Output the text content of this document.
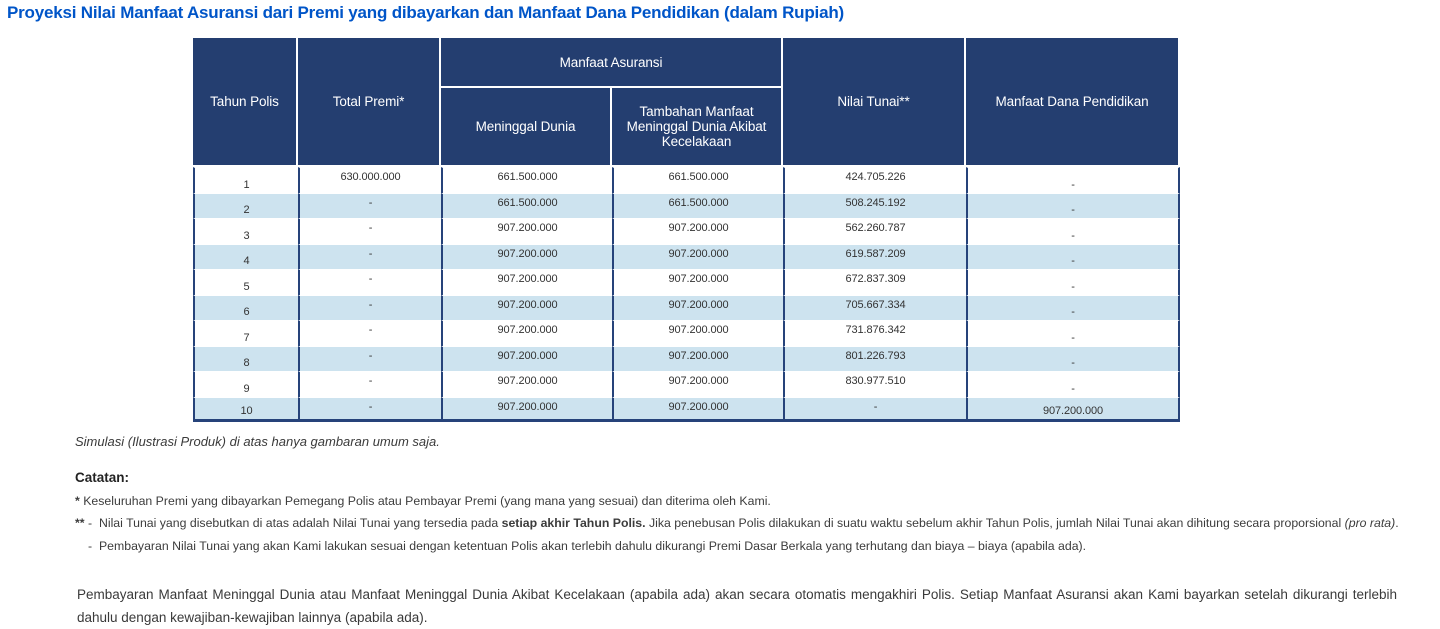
Proyeksi Nilai Manfaat Asuransi dari Premi yang dibayarkan dan Manfaat Dana Pendidikan (dalam Rupiah)
Tahun Polis	Total Premi*	Manfaat Asuransi		Nilai Tunai**	Manfaat Dana Pendidikan
		Meninggal Dunia	Tambahan Manfaat Meninggal Dunia Akibat Kecelakaan		
1	630.000.000	661.500.000	661.500.000	424.705.226	-
2	-	661.500.000	661.500.000	508.245.192	-
3	-	907.200.000	907.200.000	562.260.787	-
4	-	907.200.000	907.200.000	619.587.209	-
5	-	907.200.000	907.200.000	672.837.309	-
6	-	907.200.000	907.200.000	705.667.334	-
7	-	907.200.000	907.200.000	731.876.342	-
8	-	907.200.000	907.200.000	801.226.793	-
9	-	907.200.000	907.200.000	830.977.510	-
10	-	907.200.000	907.200.000	-	907.200.000
Simulasi (Ilustrasi Produk) di atas hanya gambaran umum saja.
Catatan:
* Keseluruhan Premi yang dibayarkan Pemegang Polis atau Pembayar Premi (yang mana yang sesuai) dan diterima oleh Kami.
** - Nilai Tunai yang disebutkan di atas adalah Nilai Tunai yang tersedia pada setiap akhir Tahun Polis. Jika penebusan Polis dilakukan di suatu waktu sebelum akhir Tahun Polis, jumlah Nilai Tunai akan dihitung secara proporsional (pro rata).
- Pembayaran Nilai Tunai yang akan Kami lakukan sesuai dengan ketentuan Polis akan terlebih dahulu dikurangi Premi Dasar Berkala yang terhutang dan biaya – biaya (apabila ada).
Pembayaran Manfaat Meninggal Dunia atau Manfaat Meninggal Dunia Akibat Kecelakaan (apabila ada) akan secara otomatis mengakhiri Polis. Setiap Manfaat Asuransi akan Kami bayarkan setelah dikurangi terlebih dahulu dengan kewajiban-kewajiban lainnya (apabila ada).
